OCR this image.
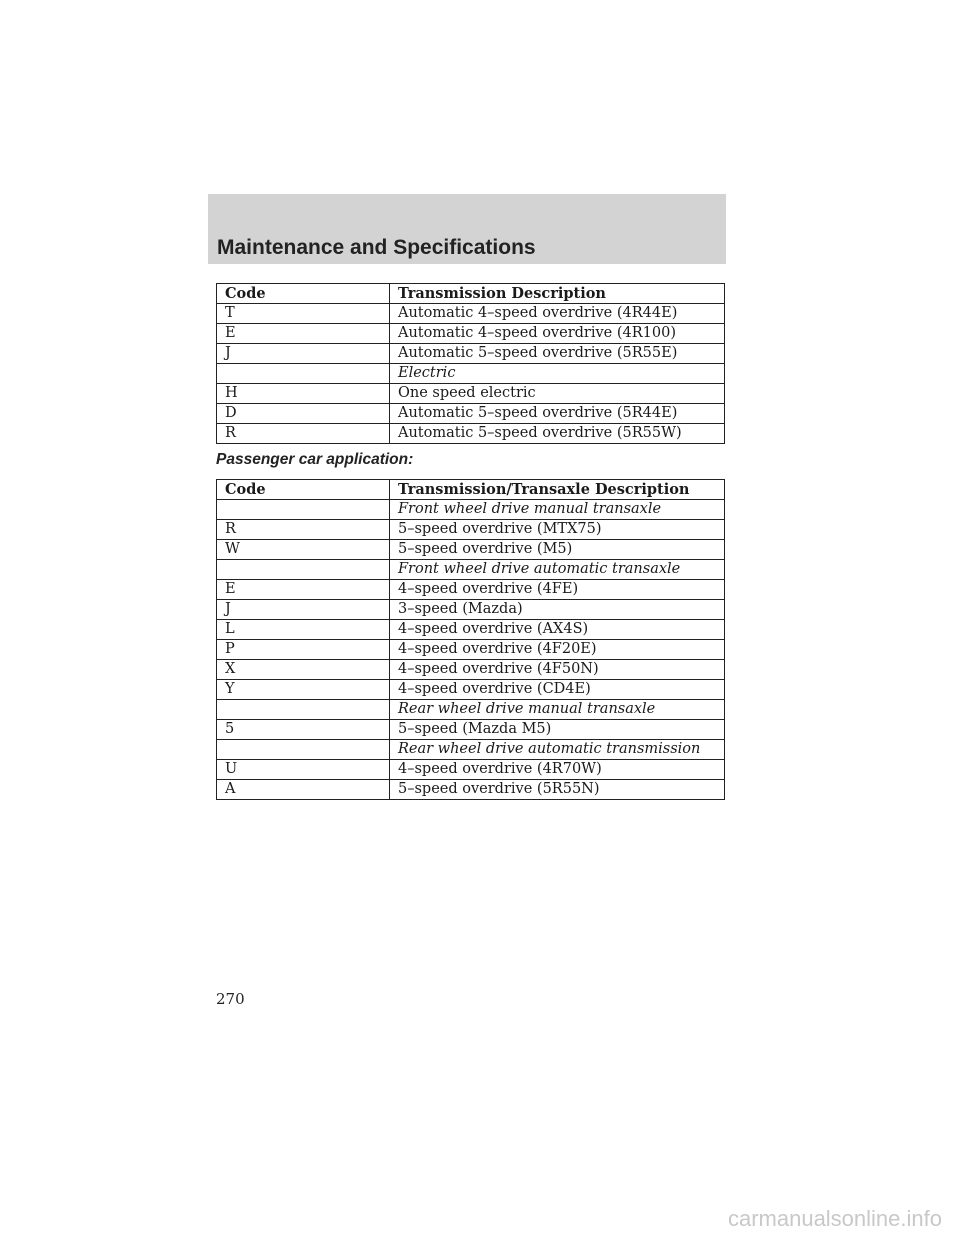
Maintenance and Specifications
Code	Transmission Description
T	Automatic 4–speed overdrive (4R44E)
E	Automatic 4–speed overdrive (4R100)
J	Automatic 5–speed overdrive (5R55E)
	Electric
H	One speed electric
D	Automatic 5–speed overdrive (5R44E)
R	Automatic 5–speed overdrive (5R55W)
Passenger car application:
Code	Transmission/Transaxle Description
	Front wheel drive manual transaxle
R	5–speed overdrive (MTX75)
W	5–speed overdrive (M5)
	Front wheel drive automatic transaxle
E	4–speed overdrive (4FE)
J	3–speed (Mazda)
L	4–speed overdrive (AX4S)
P	4–speed overdrive (4F20E)
X	4–speed overdrive (4F50N)
Y	4–speed overdrive (CD4E)
	Rear wheel drive manual transaxle
5	5–speed (Mazda M5)
	Rear wheel drive automatic transmission
U	4–speed overdrive (4R70W)
A	5–speed overdrive (5R55N)
270
carmanualsonline.info
